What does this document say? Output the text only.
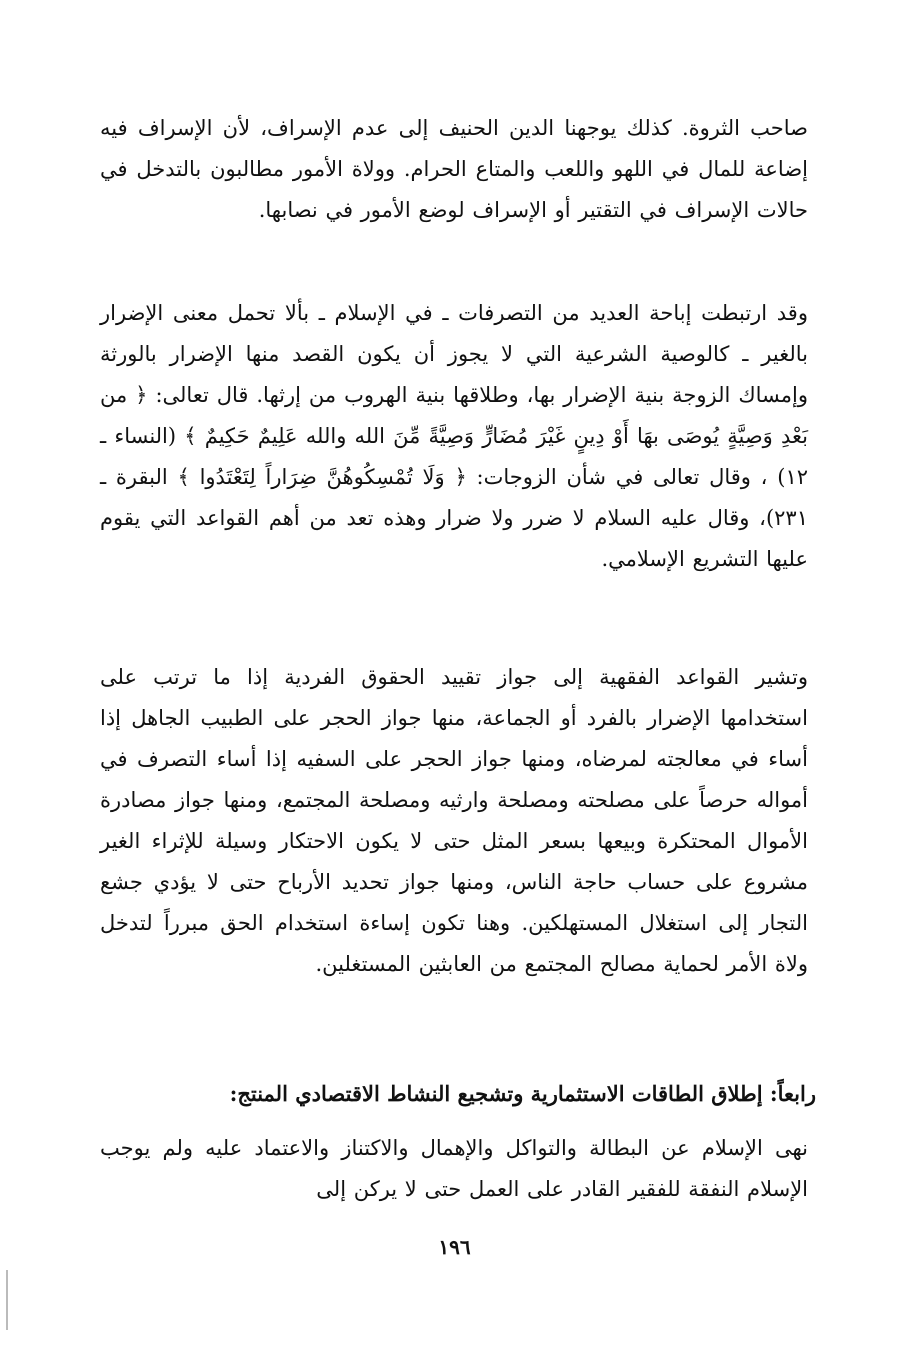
صاحب الثروة. كذلك يوجهنا الدين الحنيف إلى عدم الإسراف، لأن الإسراف فيه إضاعة للمال في اللهو واللعب والمتاع الحرام. وولاة الأمور مطالبون بالتدخل في حالات الإسراف في التقتير أو الإسراف لوضع الأمور في نصابها.

وقد ارتبطت إباحة العديد من التصرفات ـ في الإسلام ـ بألا تحمل معنى الإضرار بالغير ـ كالوصية الشرعية التي لا يجوز أن يكون القصد منها الإضرار بالورثة وإمساك الزوجة بنية الإضرار بها، وطلاقها بنية الهروب من إرثها. قال تعالى: ﴿ من بَعْدِ وَصِيَّةٍ يُوصَى بهَا أَوْ دِينٍ غَيْرَ مُضَارٍّ وَصِيَّةً مِّنَ الله والله عَلِيمٌ حَكِيمٌ ﴾ (النساء ـ ١٢) ، وقال تعالى في شأن الزوجات: ﴿ وَلَا تُمْسِكُوهُنَّ ضِرَاراً لِتَعْتَدُوا ﴾ البقرة ـ ٢٣١)، وقال عليه السلام لا ضرر ولا ضرار وهذه تعد من أهم القواعد التي يقوم عليها التشريع الإسلامي.

وتشير القواعد الفقهية إلى جواز تقييد الحقوق الفردية إذا ما ترتب على استخدامها الإضرار بالفرد أو الجماعة، منها جواز الحجر على الطبيب الجاهل إذا أساء في معالجته لمرضاه، ومنها جواز الحجر على السفيه إذا أساء التصرف في أمواله حرصاً على مصلحته ومصلحة وارثيه ومصلحة المجتمع، ومنها جواز مصادرة الأموال المحتكرة وبيعها بسعر المثل حتى لا يكون الاحتكار وسيلة للإثراء الغير مشروع على حساب حاجة الناس، ومنها جواز تحديد الأرباح حتى لا يؤدي جشع التجار إلى استغلال المستهلكين. وهنا تكون إساءة استخدام الحق مبرراً لتدخل ولاة الأمر لحماية مصالح المجتمع من العابثين المستغلين.

رابعاً: إطلاق الطاقات الاستثمارية وتشجيع النشاط الاقتصادي المنتج:

نهى الإسلام عن البطالة والتواكل والإهمال والاكتناز والاعتماد عليه ولم يوجب الإسلام النفقة للفقير القادر على العمل حتى لا يركن إلى

١٩٦
